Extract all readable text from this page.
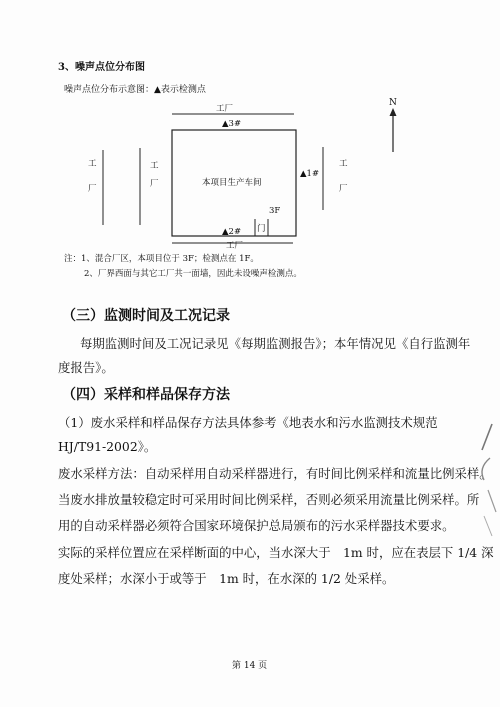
3、噪声点位分布图
噪声点位分布示意图：▲表示检测点
工厂
▲3#
工
厂
工
厂	本项目生产车间
▲1#
工
厂
3F
门
▲2#
工厂
N
注：1、混合厂区，本项目位于 3F；检测点在 1F。
2、厂界西面与其它工厂共一面墙，因此未设噪声检测点。
（三）监测时间及工况记录
每期监测时间及工况记录见《每期监测报告》；本年情况见《自行监测年
度报告》。
（四）采样和样品保存方法
（1）废水采样和样品保存方法具体参考《地表水和污水监测技术规范
HJ/T91-2002》。
废水采样方法：自动采样用自动采样器进行，有时间比例采样和流量比例采样。
当废水排放量较稳定时可采用时间比例采样，否则必须采用流量比例采样。所
用的自动采样器必须符合国家环境保护总局颁布的污水采样器技术要求。
实际的采样位置应在采样断面的中心，当水深大于　1m 时，应在表层下 1/4 深
度处采样；水深小于或等于　1m 时，在水深的 1/2 处采样。
第 14 页
